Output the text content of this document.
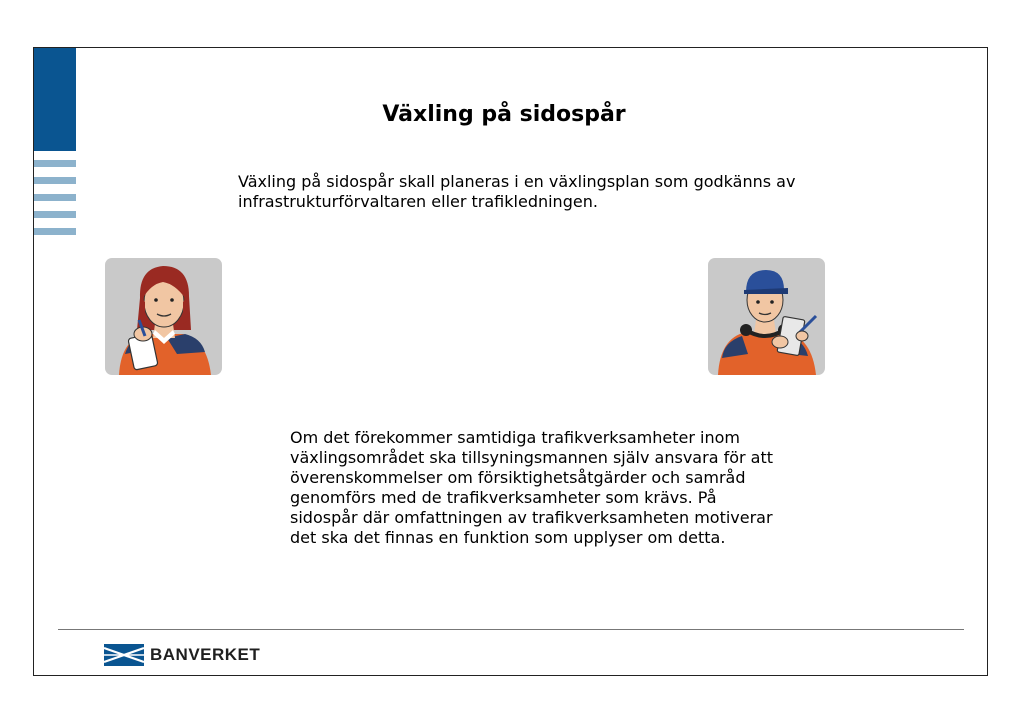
Växling på sidospår
Växling på sidospår skall planeras i en växlingsplan som godkänns av infrastrukturförvaltaren eller trafikledningen.
Om det förekommer samtidiga trafikverksamheter inom växlingsområdet ska tillsyningsmannen själv ansvara för att överenskommelser om försiktighetsåtgärder och samråd genomförs med de trafikverksamheter som krävs. På sidospår där omfattningen av trafikverksamheten motiverar det ska det finnas en funktion som upplyser om detta.
BANVERKET
